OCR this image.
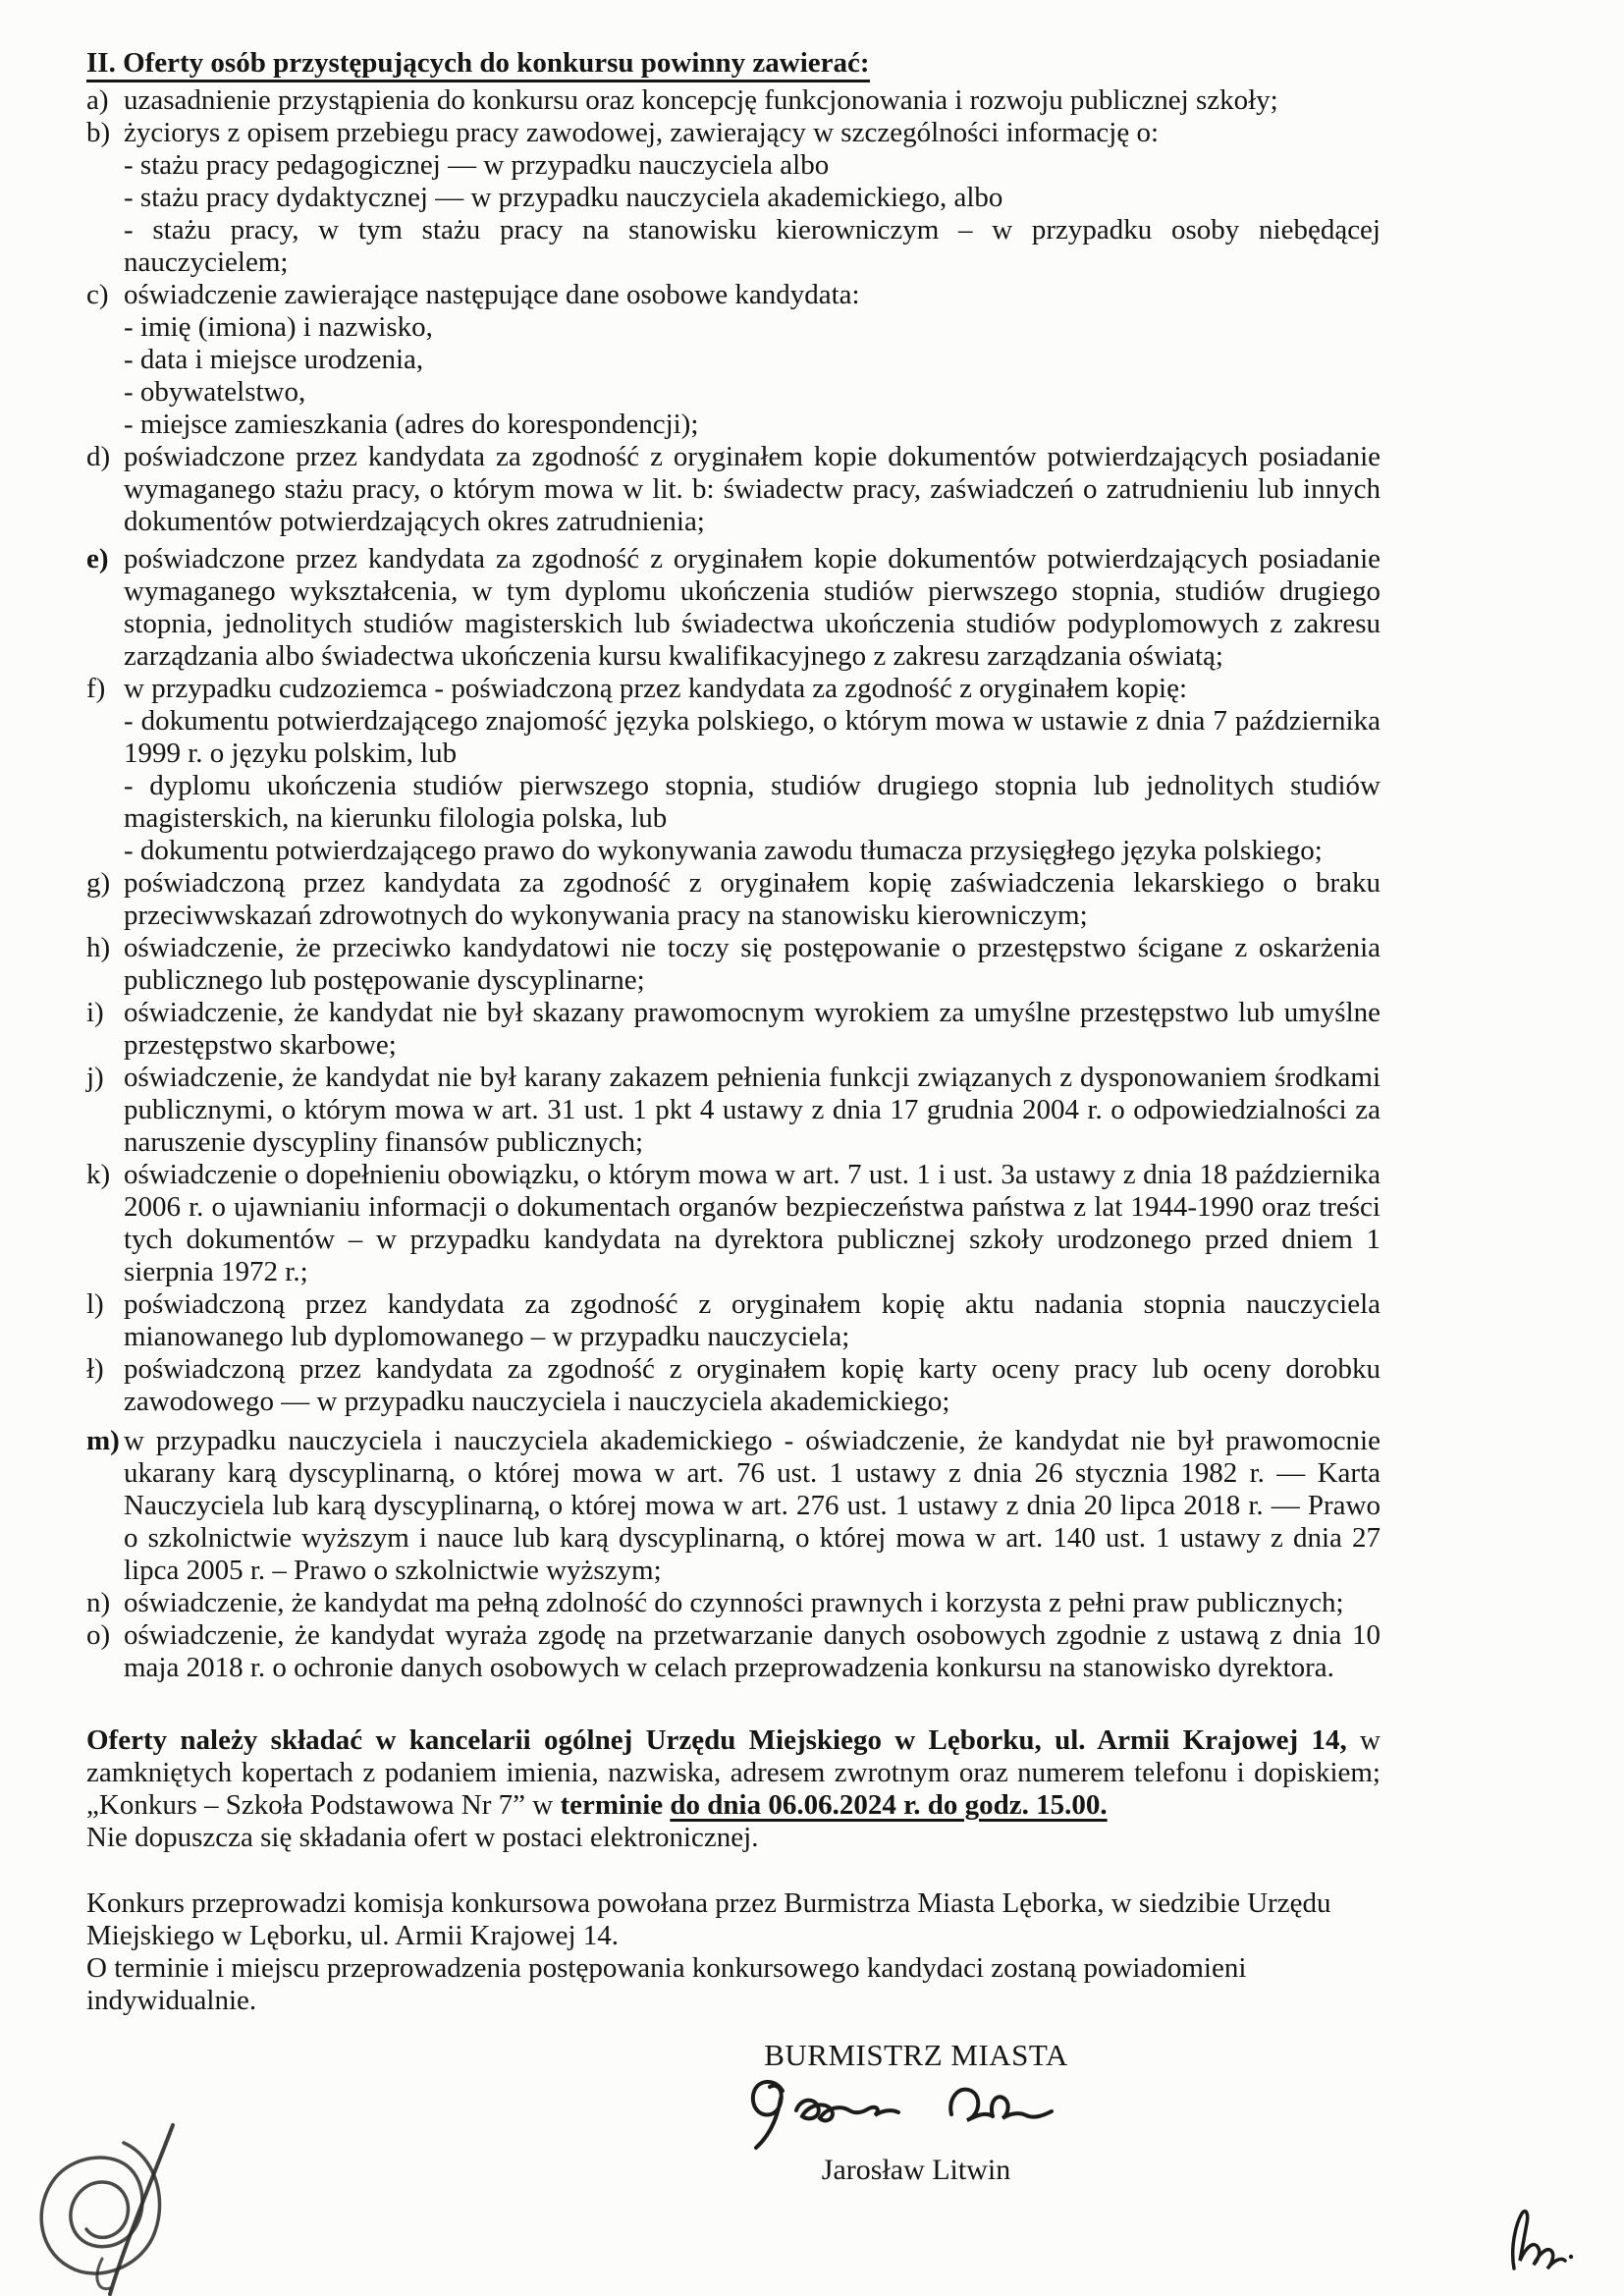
II. Oferty osób przystępujących do konkursu powinny zawierać:
a) uzasadnienie przystąpienia do konkursu oraz koncepcję funkcjonowania i rozwoju publicznej szkoły;
b) życiorys z opisem przebiegu pracy zawodowej, zawierający w szczególności informację o:
- stażu pracy pedagogicznej — w przypadku nauczyciela albo
- stażu pracy dydaktycznej — w przypadku nauczyciela akademickiego, albo
- stażu pracy, w tym stażu pracy na stanowisku kierowniczym – w przypadku osoby niebędącej nauczycielem;
c) oświadczenie zawierające następujące dane osobowe kandydata:
- imię (imiona) i nazwisko,
- data i miejsce urodzenia,
- obywatelstwo,
- miejsce zamieszkania (adres do korespondencji);
d) poświadczone przez kandydata za zgodność z oryginałem kopie dokumentów potwierdzających posiadanie wymaganego stażu pracy, o którym mowa w lit. b: świadectw pracy, zaświadczeń o zatrudnieniu lub innych dokumentów potwierdzających okres zatrudnienia;
e) poświadczone przez kandydata za zgodność z oryginałem kopie dokumentów potwierdzających posiadanie wymaganego wykształcenia, w tym dyplomu ukończenia studiów pierwszego stopnia, studiów drugiego stopnia, jednolitych studiów magisterskich lub świadectwa ukończenia studiów podyplomowych z zakresu zarządzania albo świadectwa ukończenia kursu kwalifikacyjnego z zakresu zarządzania oświatą;
f) w przypadku cudzoziemca - poświadczoną przez kandydata za zgodność z oryginałem kopię:
- dokumentu potwierdzającego znajomość języka polskiego, o którym mowa w ustawie z dnia 7 października 1999 r. o języku polskim, lub
- dyplomu ukończenia studiów pierwszego stopnia, studiów drugiego stopnia lub jednolitych studiów magisterskich, na kierunku filologia polska, lub
- dokumentu potwierdzającego prawo do wykonywania zawodu tłumacza przysięgłego języka polskiego;
g) poświadczoną przez kandydata za zgodność z oryginałem kopię zaświadczenia lekarskiego o braku przeciwwskazań zdrowotnych do wykonywania pracy na stanowisku kierowniczym;
h) oświadczenie, że przeciwko kandydatowi nie toczy się postępowanie o przestępstwo ścigane z oskarżenia publicznego lub postępowanie dyscyplinarne;
i) oświadczenie, że kandydat nie był skazany prawomocnym wyrokiem za umyślne przestępstwo lub umyślne przestępstwo skarbowe;
j) oświadczenie, że kandydat nie był karany zakazem pełnienia funkcji związanych z dysponowaniem środkami publicznymi, o którym mowa w art. 31 ust. 1 pkt 4 ustawy z dnia 17 grudnia 2004 r. o odpowiedzialności za naruszenie dyscypliny finansów publicznych;
k) oświadczenie o dopełnieniu obowiązku, o którym mowa w art. 7 ust. 1 i ust. 3a ustawy z dnia 18 października 2006 r. o ujawnianiu informacji o dokumentach organów bezpieczeństwa państwa z lat 1944-1990 oraz treści tych dokumentów – w przypadku kandydata na dyrektora publicznej szkoły urodzonego przed dniem 1 sierpnia 1972 r.;
l) poświadczoną przez kandydata za zgodność z oryginałem kopię aktu nadania stopnia nauczyciela mianowanego lub dyplomowanego – w przypadku nauczyciela;
ł) poświadczoną przez kandydata za zgodność z oryginałem kopię karty oceny pracy lub oceny dorobku zawodowego — w przypadku nauczyciela i nauczyciela akademickiego;
m) w przypadku nauczyciela i nauczyciela akademickiego - oświadczenie, że kandydat nie był prawomocnie ukarany karą dyscyplinarną, o której mowa w art. 76 ust. 1 ustawy z dnia 26 stycznia 1982 r. — Karta Nauczyciela lub karą dyscyplinarną, o której mowa w art. 276 ust. 1 ustawy z dnia 20 lipca 2018 r. — Prawo o szkolnictwie wyższym i nauce lub karą dyscyplinarną, o której mowa w art. 140 ust. 1 ustawy z dnia 27 lipca 2005 r. – Prawo o szkolnictwie wyższym;
n) oświadczenie, że kandydat ma pełną zdolność do czynności prawnych i korzysta z pełni praw publicznych;
o) oświadczenie, że kandydat wyraża zgodę na przetwarzanie danych osobowych zgodnie z ustawą z dnia 10 maja 2018 r. o ochronie danych osobowych w celach przeprowadzenia konkursu na stanowisko dyrektora.
Oferty należy składać w kancelarii ogólnej Urzędu Miejskiego w Lęborku, ul. Armii Krajowej 14, w zamkniętych kopertach z podaniem imienia, nazwiska, adresem zwrotnym oraz numerem telefonu i dopiskiem; „Konkurs – Szkoła Podstawowa Nr 7” w terminie do dnia 06.06.2024 r. do godz. 15.00.
Nie dopuszcza się składania ofert w postaci elektronicznej.
Konkurs przeprowadzi komisja konkursowa powołana przez Burmistrza Miasta Lęborka, w siedzibie Urzędu Miejskiego w Lęborku, ul. Armii Krajowej 14.
O terminie i miejscu przeprowadzenia postępowania konkursowego kandydaci zostaną powiadomieni indywidualnie.
BURMISTRZ MIASTA
Jarosław Litwin
